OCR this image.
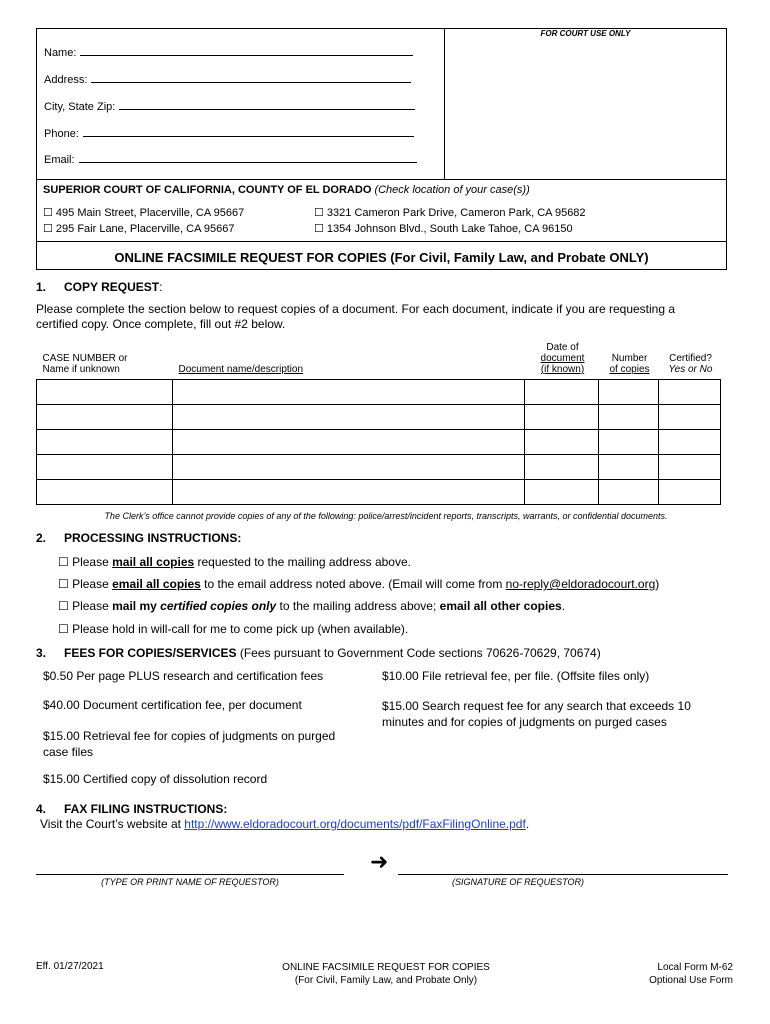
FOR COURT USE ONLY
Name:
Address:
City, State Zip:
Phone:
Email:
SUPERIOR COURT OF CALIFORNIA, COUNTY OF EL DORADO (Check location of your case(s))
☐ 495 Main Street, Placerville, CA 95667	☐ 3321 Cameron Park Drive, Cameron Park, CA 95682
☐ 295 Fair Lane, Placerville, CA 95667	☐ 1354 Johnson Blvd., South Lake Tahoe, CA 96150
ONLINE FACSIMILE REQUEST FOR COPIES (For Civil, Family Law, and Probate ONLY)
1. COPY REQUEST:
Please complete the section below to request copies of a document. For each document, indicate if you are requesting a
certified copy. Once complete, fill out #2 below.
CASE NUMBER or
Name if unknown	Document name/description	Date of
document
(if known)	Number
of copies	Certified?
Yes or No

The Clerk’s office cannot provide copies of any of the following: police/arrest/incident reports, transcripts, warrants, or confidential documents.
2. PROCESSING INSTRUCTIONS:
☐ Please mail all copies requested to the mailing address above.
☐ Please email all copies to the email address noted above. (Email will come from no-reply@eldoradocourt.org)
☐ Please mail my certified copies only to the mailing address above; email all other copies.
☐ Please hold in will-call for me to come pick up (when available).
3. FEES FOR COPIES/SERVICES (Fees pursuant to Government Code sections 70626-70629, 70674)
$0.50 Per page PLUS research and certification fees	$10.00 File retrieval fee, per file. (Offsite files only)
$40.00 Document certification fee, per document	$15.00 Search request fee for any search that exceeds 10
minutes and for copies of judgments on purged cases
$15.00 Retrieval fee for copies of judgments on purged
case files
$15.00 Certified copy of dissolution record
4. FAX FILING INSTRUCTIONS:
Visit the Court’s website at http://www.eldoradocourt.org/documents/pdf/FaxFilingOnline.pdf.
(TYPE OR PRINT NAME OF REQUESTOR)
➜
(SIGNATURE OF REQUESTOR)
Eff. 01/27/2021	ONLINE FACSIMILE REQUEST FOR COPIES
(For Civil, Family Law, and Probate Only)
Local Form M-62
Optional Use Form
